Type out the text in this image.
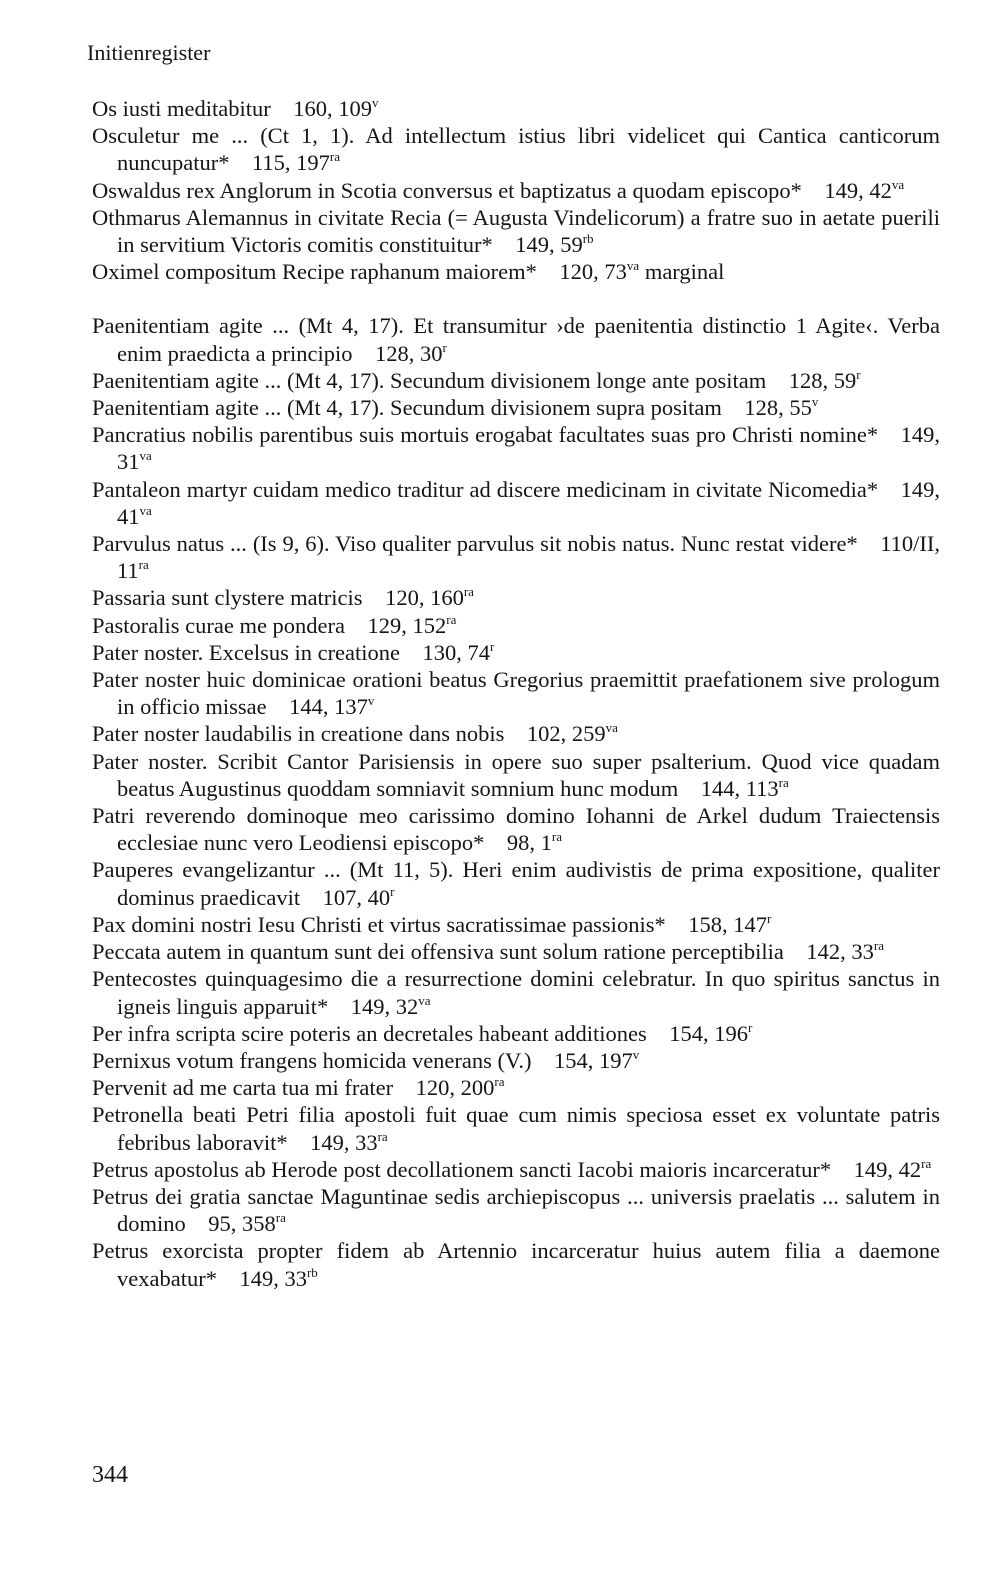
Initienregister
Os iusti meditabitur   160, 109$^v$
Osculetur me ... (Ct 1, 1). Ad intellectum istius libri videlicet qui Cantica canticorum nuncupatur*   115, $197^{ra}$
Oswaldus rex Anglorum in Scotia conversus et baptizatus a quodam episcopo*   149, $42^{va}$
Othmarus Alemannus in civitate Recia (= Augusta Vindelicorum) a fratre suo in aetate puerili in servitium Victoris comitis constituitur*   149, $59^{rb}$
Oximel compositum Recipe raphanum maiorem*   120, $73^{va}$ marginal
Paenitentiam agite ... (Mt 4, 17). Et transumitur ›de paenitentia distinctio 1 Agite‹. Verba enim praedicta a principio   128, 30$^r$
Paenitentiam agite ... (Mt 4, 17). Secundum divisionem longe ante positam   128, 59$^r$
Paenitentiam agite ... (Mt 4, 17). Secundum divisionem supra positam   128, 55$^v$
Pancratius nobilis parentibus suis mortuis erogabat facultates suas pro Christi nomine*   149, $31^{va}$
Pantaleon martyr cuidam medico traditur ad discere medicinam in civitate Nicomedia*   149, $41^{va}$
Parvulus natus ... (Is 9, 6). Viso qualiter parvulus sit nobis natus. Nunc restat videre*   110/II, $11^{ra}$
Passaria sunt clystere matricis   120, $160^{ra}$
Pastoralis curae me pondera   129, $152^{ra}$
Pater noster. Excelsus in creatione   130, 74$^r$
Pater noster huic dominicae orationi beatus Gregorius praemittit praefationem sive prologum in officio missae   144, 137$^v$
Pater noster laudabilis in creatione dans nobis   102, $259^{va}$
Pater noster. Scribit Cantor Parisiensis in opere suo super psalterium. Quod vice quadam beatus Augustinus quoddam somniavit somnium hunc modum   144, $113^{ra}$
Patri reverendo dominoque meo carissimo domino Iohanni de Arkel dudum Traiectensis ecclesiae nunc vero Leodiensi episcopo*   98, $1^{ra}$
Pauperes evangelizantur ... (Mt 11, 5). Heri enim audivistis de prima expositione, qualiter dominus praedicavit   107, 40$^r$
Pax domini nostri Iesu Christi et virtus sacratissimae passionis*   158, 147$^r$
Peccata autem in quantum sunt dei offensiva sunt solum ratione perceptibilia   142, $33^{ra}$
Pentecostes quinquagesimo die a resurrectione domini celebratur. In quo spiritus sanctus in igneis linguis apparuit*   149, $32^{va}$
Per infra scripta scire poteris an decretales habeant additiones   154, 196$^r$
Pernixus votum frangens homicida venerans (V.)   154, 197$^v$
Pervenit ad me carta tua mi frater   120, $200^{ra}$
Petronella beati Petri filia apostoli fuit quae cum nimis speciosa esset ex voluntate patris febribus laboravit*   149, $33^{ra}$
Petrus apostolus ab Herode post decollationem sancti Iacobi maioris incarceratur*   149, $42^{ra}$
Petrus dei gratia sanctae Maguntinae sedis archiepiscopus ... universis praelatis ... salutem in domino   95, $358^{ra}$
Petrus exorcista propter fidem ab Artennio incarceratur huius autem filia a daemone vexabatur*   149, $33^{rb}$
344
